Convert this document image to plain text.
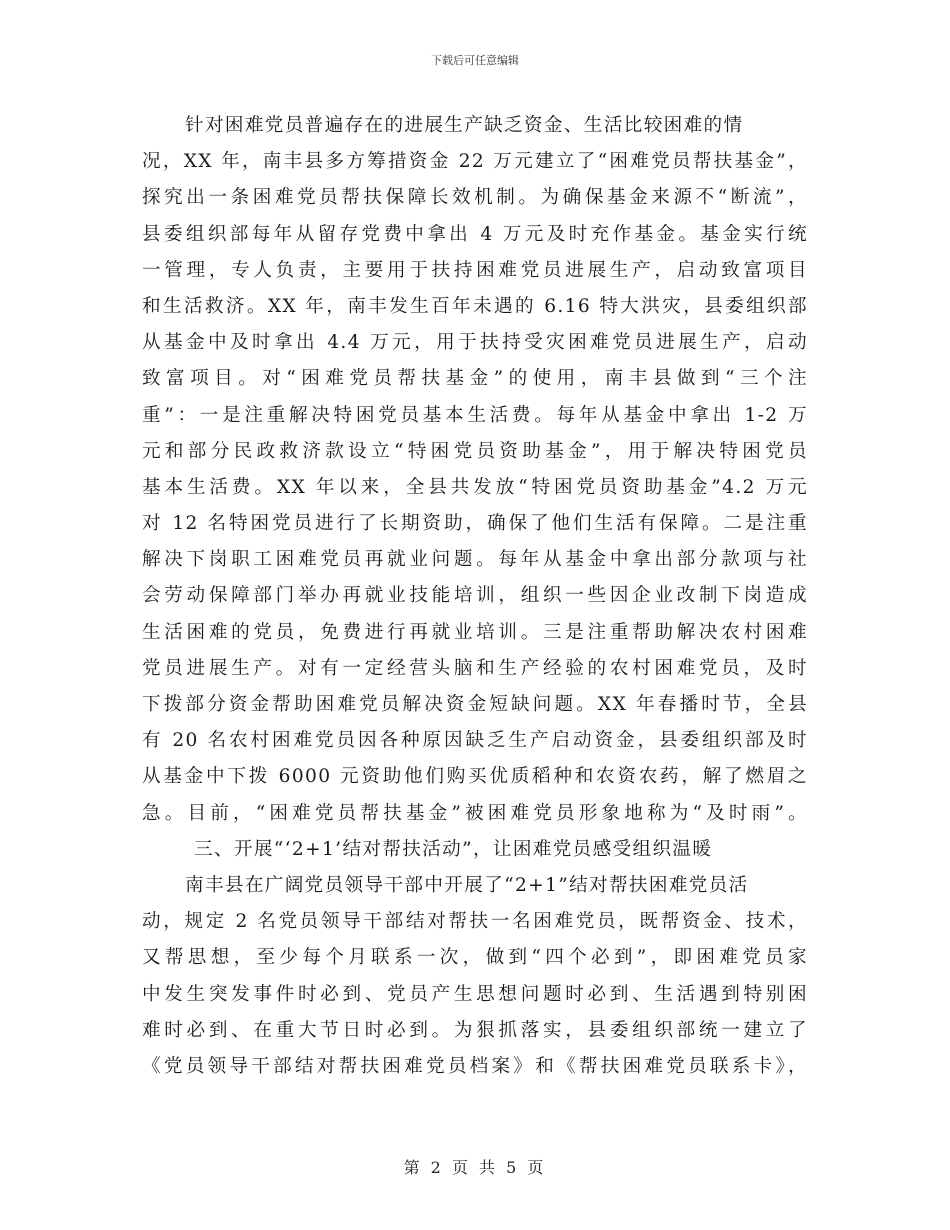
下载后可任意编辑
针对困难党员普遍存在的进展生产缺乏资金、生活比较困难的情
况，XX 年，南丰县多方筹措资金 22 万元建立了“困难党员帮扶基金”，
探究出一条困难党员帮扶保障长效机制。为确保基金来源不“断流”，
县委组织部每年从留存党费中拿出 4 万元及时充作基金。基金实行统
一管理，专人负责，主要用于扶持困难党员进展生产，启动致富项目
和生活救济。XX 年，南丰发生百年未遇的 6.16 特大洪灾，县委组织部
从基金中及时拿出 4.4 万元，用于扶持受灾困难党员进展生产，启动
致富项目。对“困难党员帮扶基金”的使用，南丰县做到“三个注
重”：一是注重解决特困党员基本生活费。每年从基金中拿出 1-2 万
元和部分民政救济款设立“特困党员资助基金”，用于解决特困党员
基本生活费。XX 年以来，全县共发放“特困党员资助基金”4.2 万元
对 12 名特困党员进行了长期资助，确保了他们生活有保障。二是注重
解决下岗职工困难党员再就业问题。每年从基金中拿出部分款项与社
会劳动保障部门举办再就业技能培训，组织一些因企业改制下岗造成
生活困难的党员，免费进行再就业培训。三是注重帮助解决农村困难
党员进展生产。对有一定经营头脑和生产经验的农村困难党员，及时
下拨部分资金帮助困难党员解决资金短缺问题。XX 年春播时节，全县
有 20 名农村困难党员因各种原因缺乏生产启动资金，县委组织部及时
从基金中下拨 6000 元资助他们购买优质稻种和农资农药，解了燃眉之
急。目前，“困难党员帮扶基金”被困难党员形象地称为“及时雨”。
三、开展“‘2+1’结对帮扶活动”，让困难党员感受组织温暖
南丰县在广阔党员领导干部中开展了“2+1”结对帮扶困难党员活
动，规定 2 名党员领导干部结对帮扶一名困难党员，既帮资金、技术，
又帮思想，至少每个月联系一次，做到“四个必到”，即困难党员家
中发生突发事件时必到、党员产生思想问题时必到、生活遇到特别困
难时必到、在重大节日时必到。为狠抓落实，县委组织部统一建立了
《党员领导干部结对帮扶困难党员档案》和《帮扶困难党员联系卡》，
第 2 页 共 5 页
